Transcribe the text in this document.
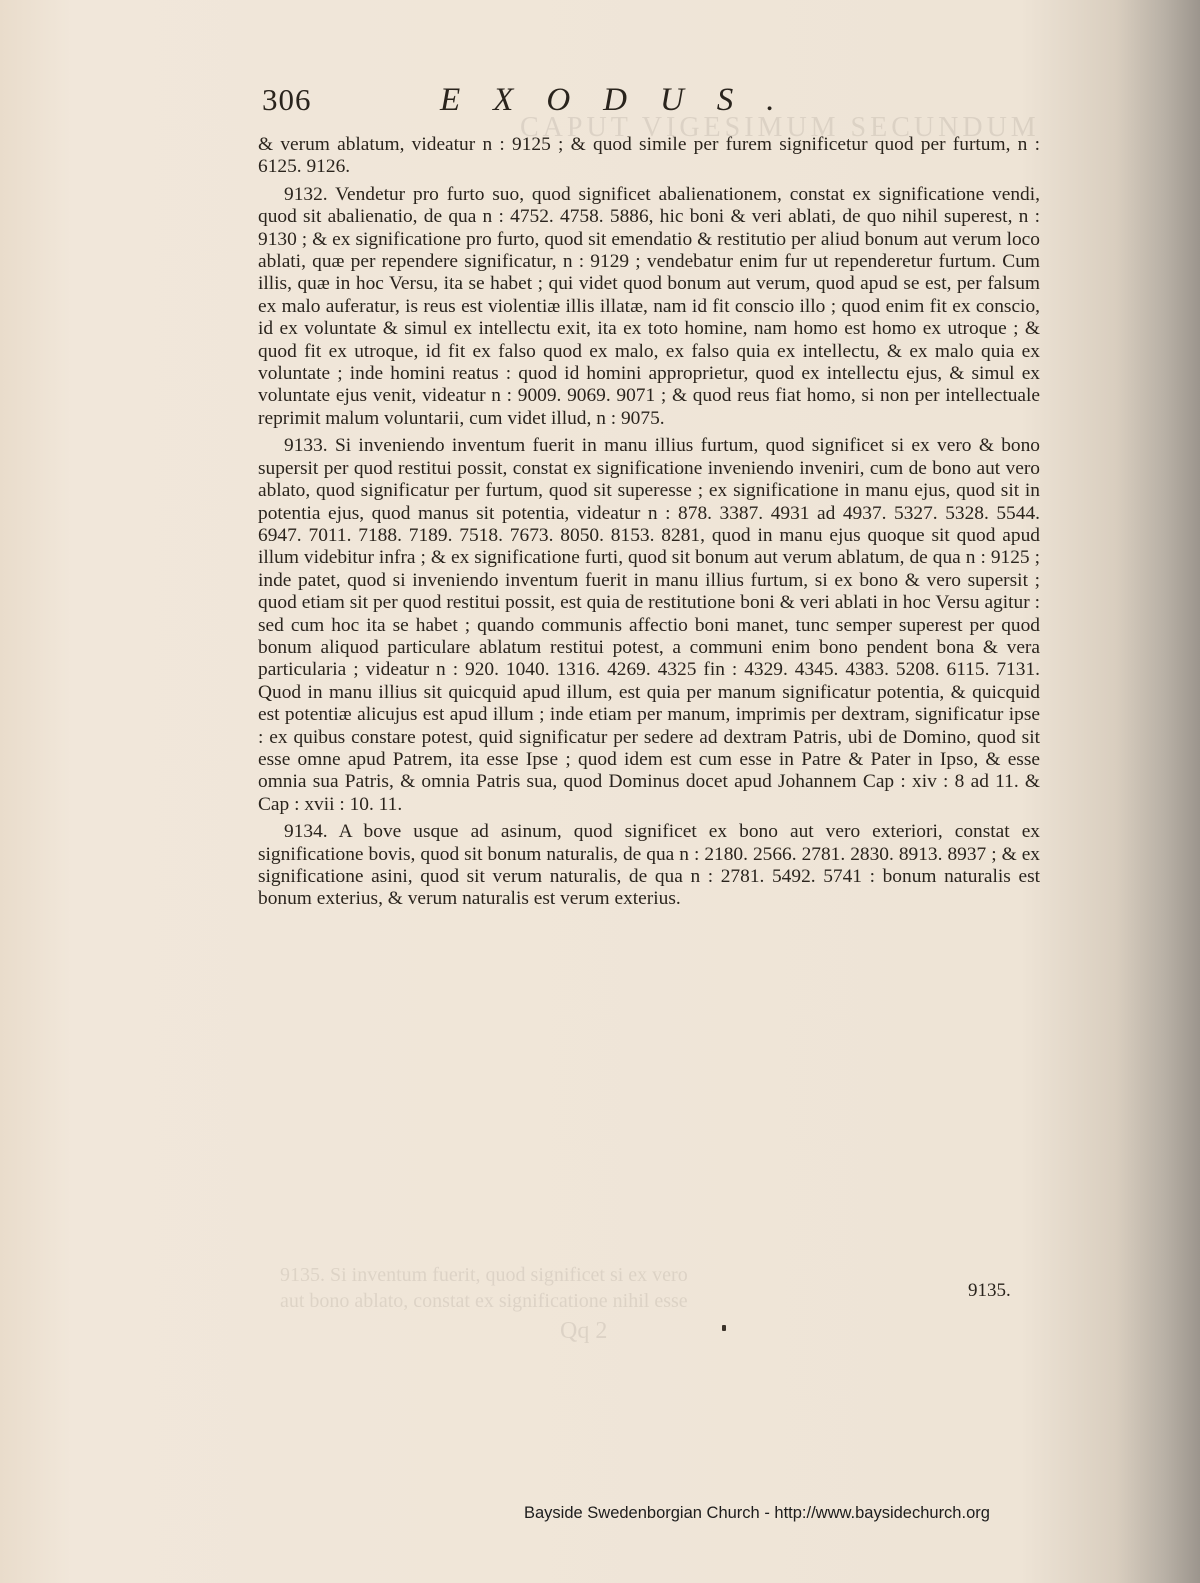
CAPUT VIGESIMUM SECUNDUM
9135. Si inventum fuerit, quod significet si ex vero
aut bono ablato, constat ex significatione nihil esse
Qq 2
306	EXODUS.

& verum ablatum, videatur n : 9125 ; & quod simile per furem significetur quod per furtum, n : 6125. 9126.

9132. Vendetur pro furto suo, quod significet abalienationem, constat ex significatione vendi, quod sit abalienatio, de qua n : 4752. 4758. 5886, hic boni & veri ablati, de quo nihil superest, n : 9130 ; & ex significatione pro furto, quod sit emendatio & restitutio per aliud bonum aut verum loco ablati, quæ per rependere significatur, n : 9129 ; vendebatur enim fur ut rependeretur furtum. Cum illis, quæ in hoc Versu, ita se habet ; qui videt quod bonum aut verum, quod apud se est, per falsum ex malo auferatur, is reus est violentiæ illis illatæ, nam id fit conscio illo ; quod enim fit ex conscio, id ex voluntate & simul ex intellectu exit, ita ex toto homine, nam homo est homo ex utroque ; & quod fit ex utroque, id fit ex falso quod ex malo, ex falso quia ex intellectu, & ex malo quia ex voluntate ; inde homini reatus : quod id homini approprietur, quod ex intellectu ejus, & simul ex voluntate ejus venit, videatur n : 9009. 9069. 9071 ; & quod reus fiat homo, si non per intellectuale reprimit malum voluntarii, cum videt illud, n : 9075.

9133. Si inveniendo inventum fuerit in manu illius furtum, quod significet si ex vero & bono supersit per quod restitui possit, constat ex significatione inveniendo inveniri, cum de bono aut vero ablato, quod significatur per furtum, quod sit superesse ; ex significatione in manu ejus, quod sit in potentia ejus, quod manus sit potentia, videatur n : 878. 3387. 4931 ad 4937. 5327. 5328. 5544. 6947. 7011. 7188. 7189. 7518. 7673. 8050. 8153. 8281, quod in manu ejus quoque sit quod apud illum videbitur infra ; & ex significatione furti, quod sit bonum aut verum ablatum, de qua n : 9125 ; inde patet, quod si inveniendo inventum fuerit in manu illius furtum, si ex bono & vero supersit ; quod etiam sit per quod restitui possit, est quia de restitutione boni & veri ablati in hoc Versu agitur : sed cum hoc ita se habet ; quando communis affectio boni manet, tunc semper superest per quod bonum aliquod particulare ablatum restitui potest, a communi enim bono pendent bona & vera particularia ; videatur n : 920. 1040. 1316. 4269. 4325 fin : 4329. 4345. 4383. 5208. 6115. 7131. Quod in manu illius sit quicquid apud illum, est quia per manum significatur potentia, & quicquid est potentiæ alicujus est apud illum ; inde etiam per manum, imprimis per dextram, significatur ipse : ex quibus constare potest, quid significatur per sedere ad dextram Patris, ubi de Domino, quod sit esse omne apud Patrem, ita esse Ipse ; quod idem est cum esse in Patre & Pater in Ipso, & esse omnia sua Patris, & omnia Patris sua, quod Dominus docet apud Johannem Cap : xiv : 8 ad 11. & Cap : xvii : 10. 11.

9134. A bove usque ad asinum, quod significet ex bono aut vero exteriori, constat ex significatione bovis, quod sit bonum naturalis, de qua n : 2180. 2566. 2781. 2830. 8913. 8937 ; & ex significatione asini, quod sit verum naturalis, de qua n : 2781. 5492. 5741 : bonum naturalis est bonum exterius, & verum naturalis est verum exterius.

9135.
Bayside Swedenborgian Church - http://www.baysidechurch.org
